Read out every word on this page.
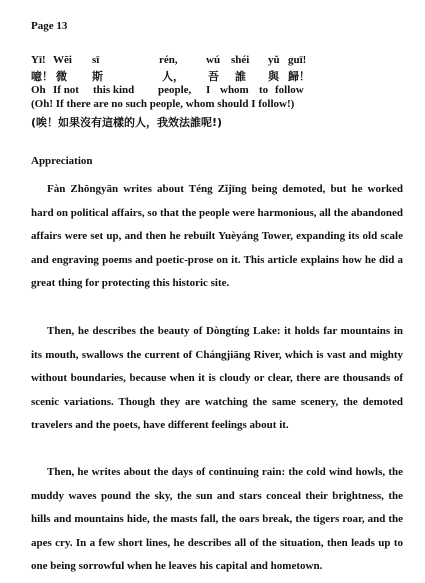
Page 13
Yī! Wēi sī	rén,	wú shéi yǔ guī!
噫！ 微 斯	人， 吾 誰 與 歸！
Oh If not this kind people, I whom to follow
(Oh! If there are no such people, whom should I follow!)
(唉！如果沒有這樣的人，我效法誰呢!)
Appreciation

Fàn Zhōngyān writes about Téng Zǐjīng being demoted, but he worked hard on political affairs, so that the people were harmonious, all the abandoned affairs were set up, and then he rebuilt Yuèyáng Tower, expanding its old scale and engraving poems and poetic-prose on it. This article explains how he did a great thing for protecting this historic site.

Then, he describes the beauty of Dòngtíng Lake: it holds far mountains in its mouth, swallows the current of Chángjiāng River, which is vast and mighty without boundaries, because when it is cloudy or clear, there are thousands of scenic variations. Though they are watching the same scenery, the demoted travelers and the poets, have different feelings about it.

Then, he writes about the days of continuing rain: the cold wind howls, the muddy waves pound the sky, the sun and stars conceal their brightness, the hills and mountains hide, the masts fall, the oars break, the tigers roar, and the apes cry. In a few short lines, he describes all of the situation, then leads up to one being sorrowful when he leaves his capital and hometown.
